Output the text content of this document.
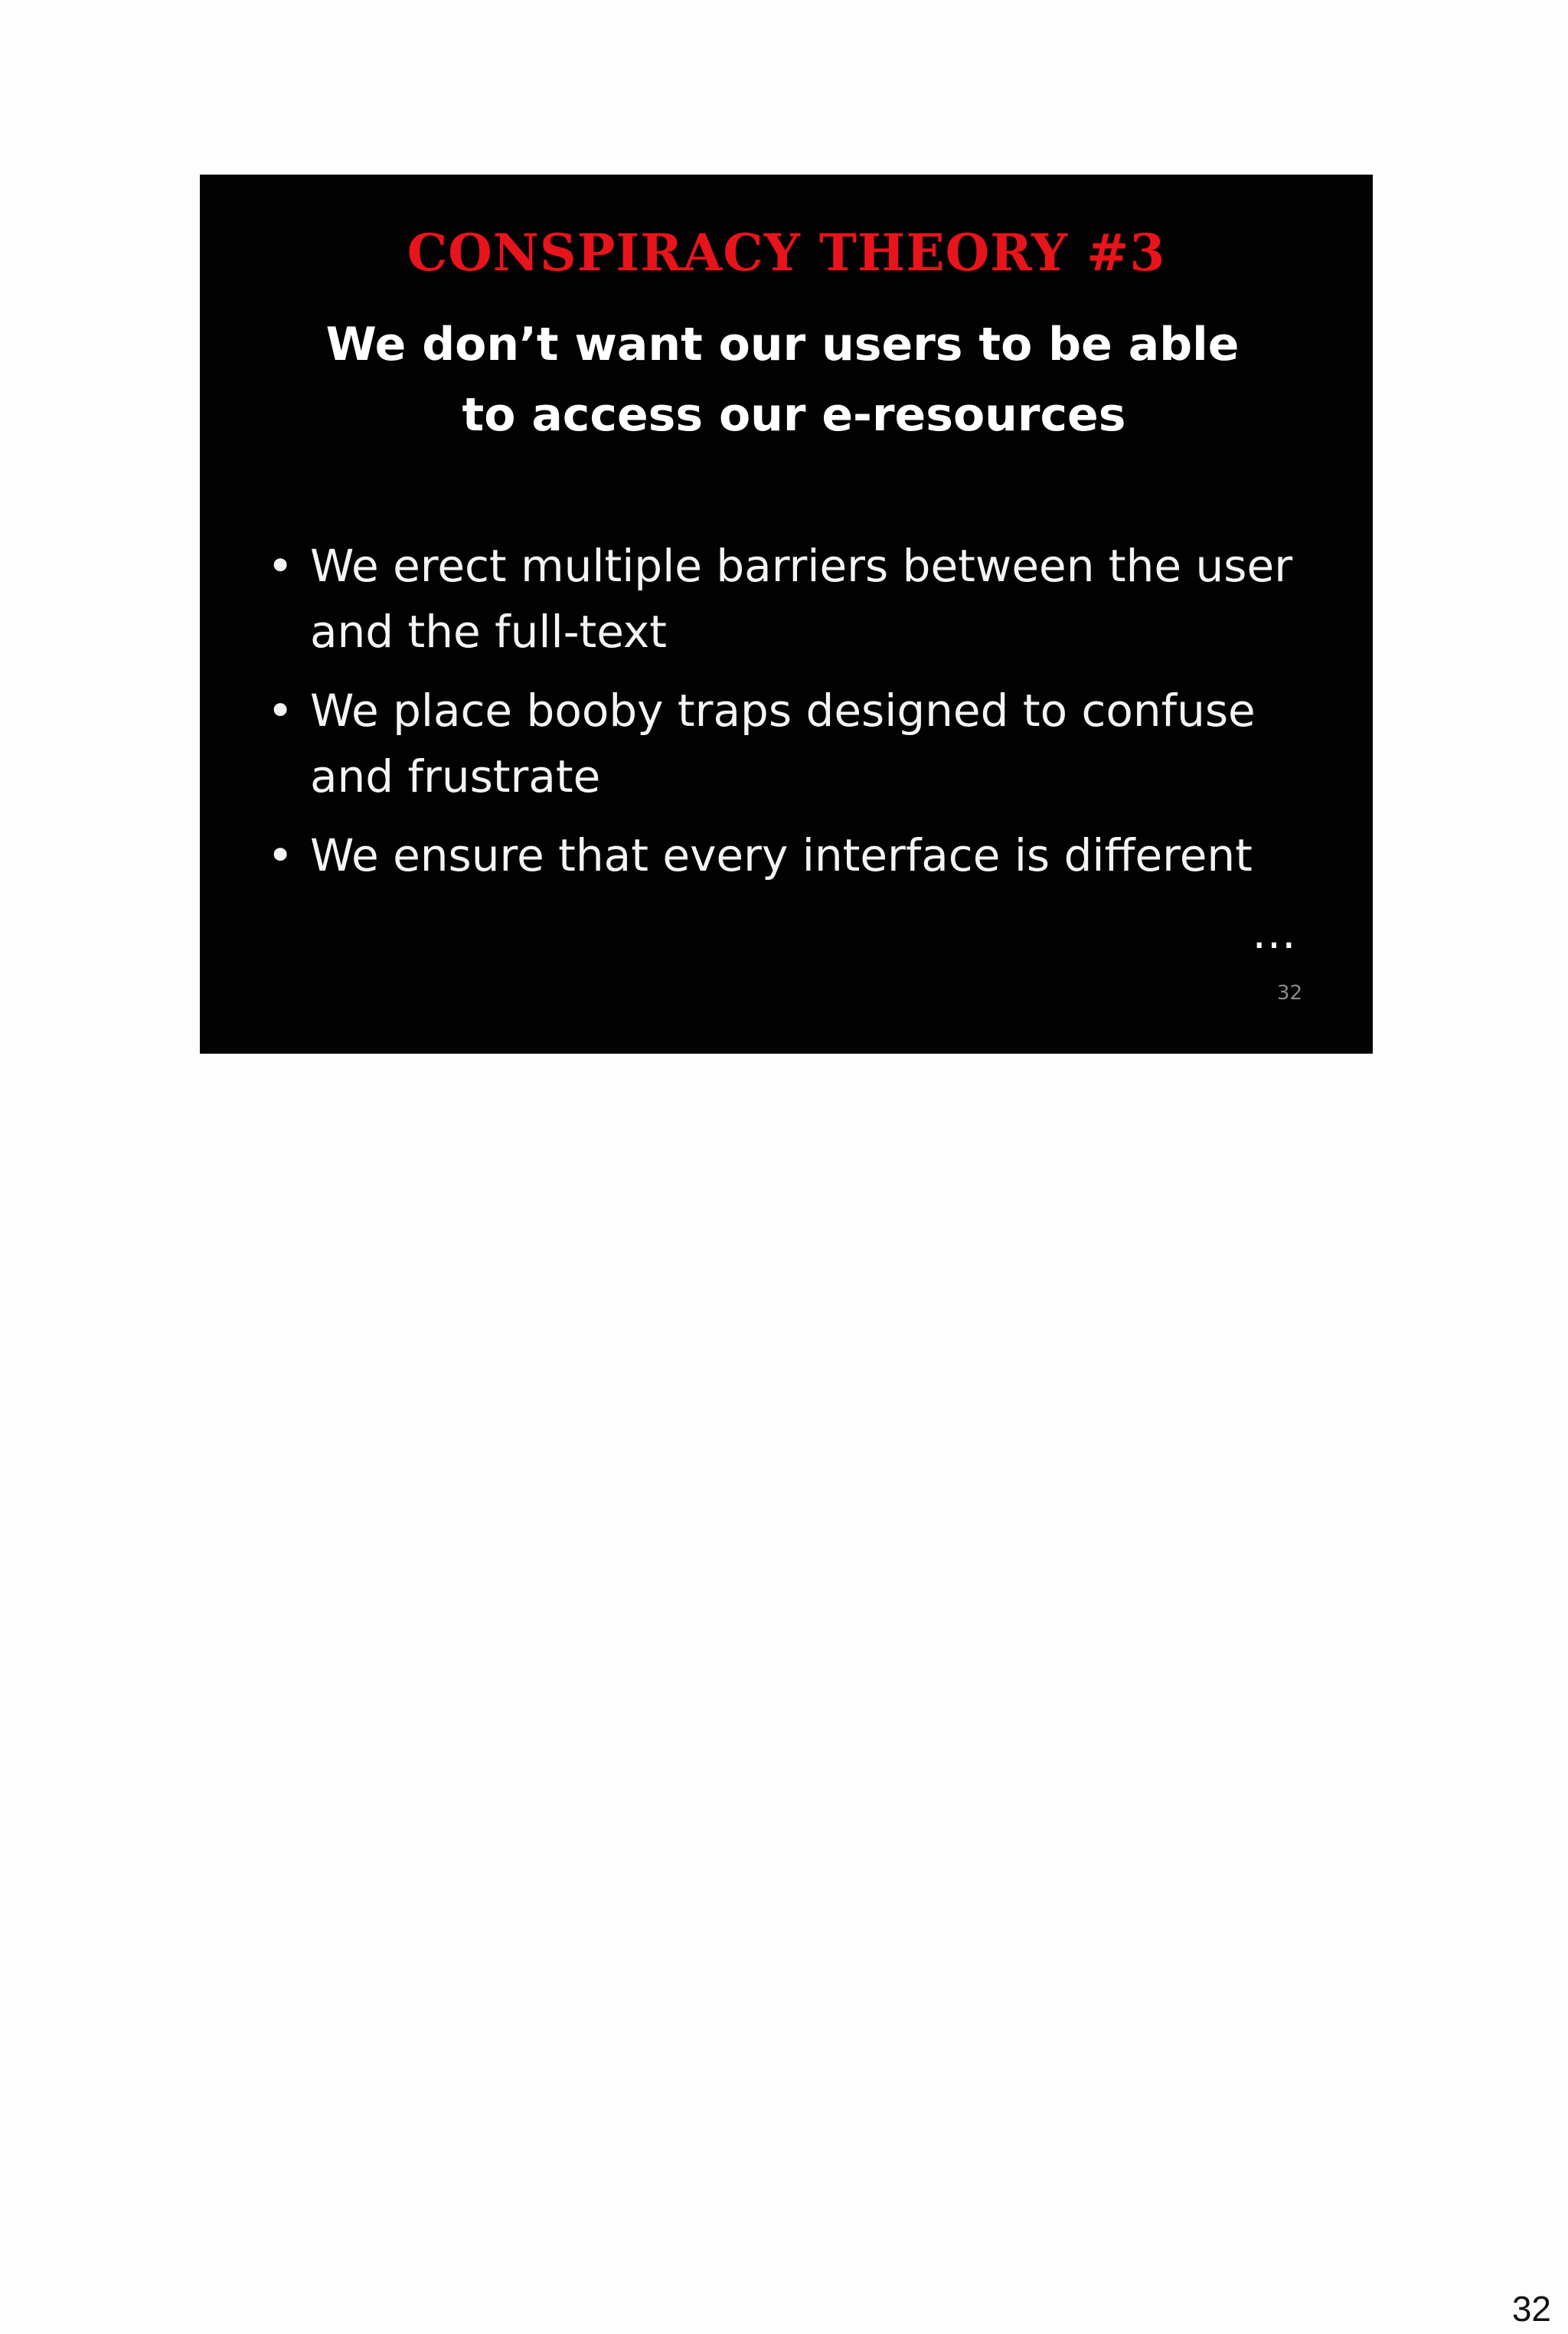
CONSPIRACY THEORY #3
We don’t want our users to be able
to access our e-resources
• We erect multiple barriers between the user and the full-text
• We place booby traps designed to confuse and frustrate
• We ensure that every interface is different
…
32
32
